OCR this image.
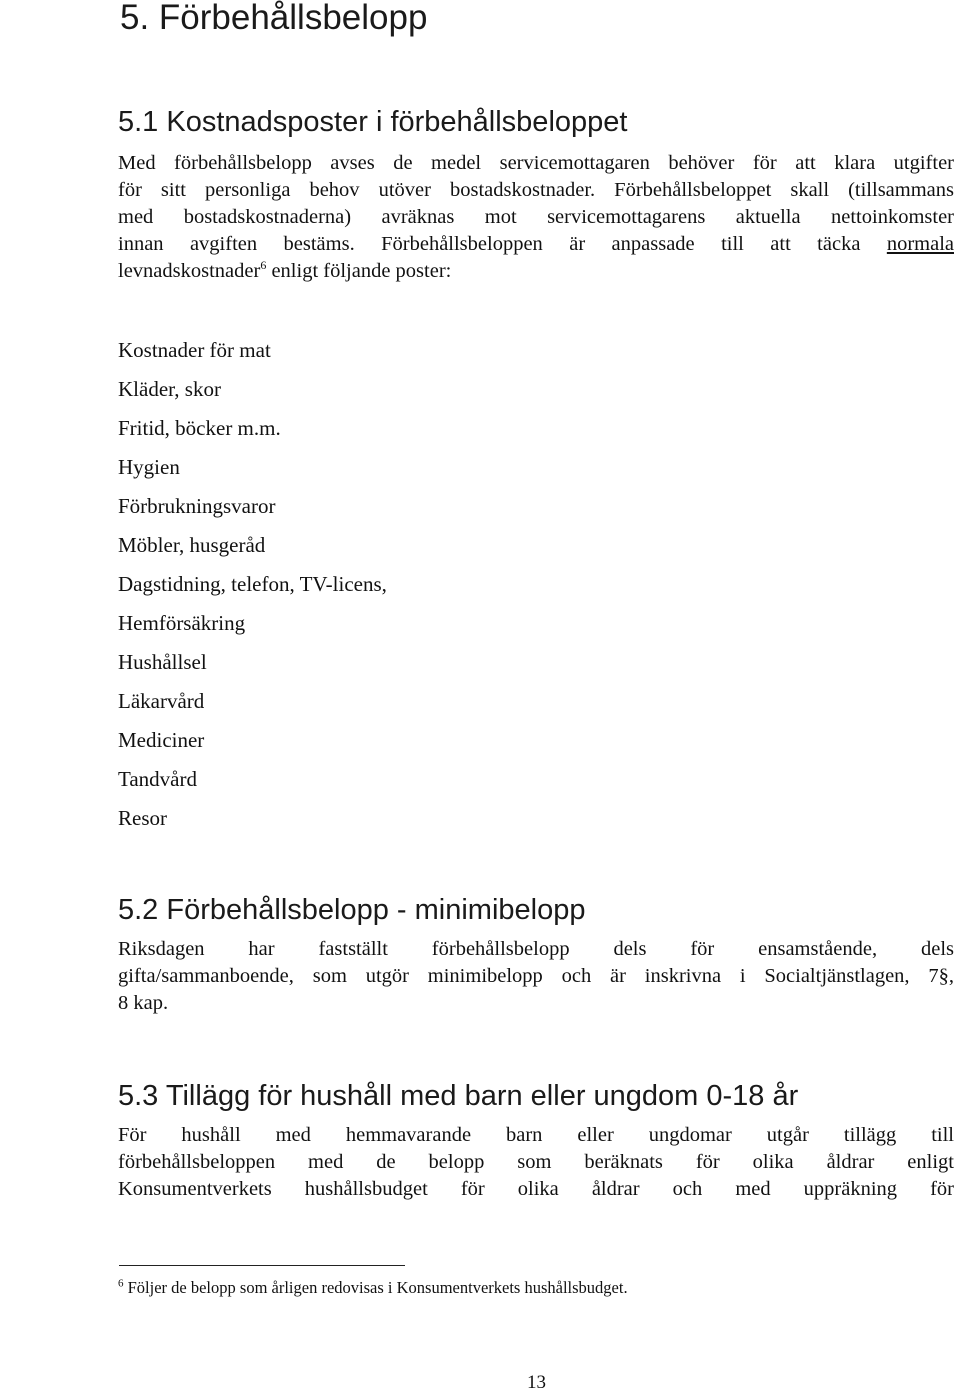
5. Förbehållsbelopp
5.1 Kostnadsposter i förbehållsbeloppet
Med förbehållsbelopp avses de medel servicemottagaren behöver för att klara utgifter
för sitt personliga behov utöver bostadskostnader. Förbehållsbeloppet skall (tillsammans
med bostadskostnaderna) avräknas mot servicemottagarens aktuella nettoinkomster
innan avgiften bestäms. Förbehållsbeloppen är anpassade till att täcka normala
levnadskostnader$^6$ enligt följande poster:
Kostnader för mat
Kläder, skor
Fritid, böcker m.m.
Hygien
Förbrukningsvaror
Möbler, husgeråd
Dagstidning, telefon, TV-licens,
Hemförsäkring
Hushållsel
Läkarvård
Mediciner
Tandvård
Resor
5.2 Förbehållsbelopp - minimibelopp
Riksdagen har fastställt förbehållsbelopp dels för ensamstående, dels
gifta/sammanboende, som utgör minimibelopp och är inskrivna i Socialtjänstlagen, 7§,
8 kap.
5.3 Tillägg för hushåll med barn eller ungdom 0-18 år
För hushåll med hemmavarande barn eller ungdomar utgår tillägg till
förbehållsbeloppen med de belopp som beräknats för olika åldrar enligt
Konsumentverkets hushållsbudget för olika åldrar och med uppräkning för
$^6$ Följer de belopp som årligen redovisas i Konsumentverkets hushållsbudget.
13
